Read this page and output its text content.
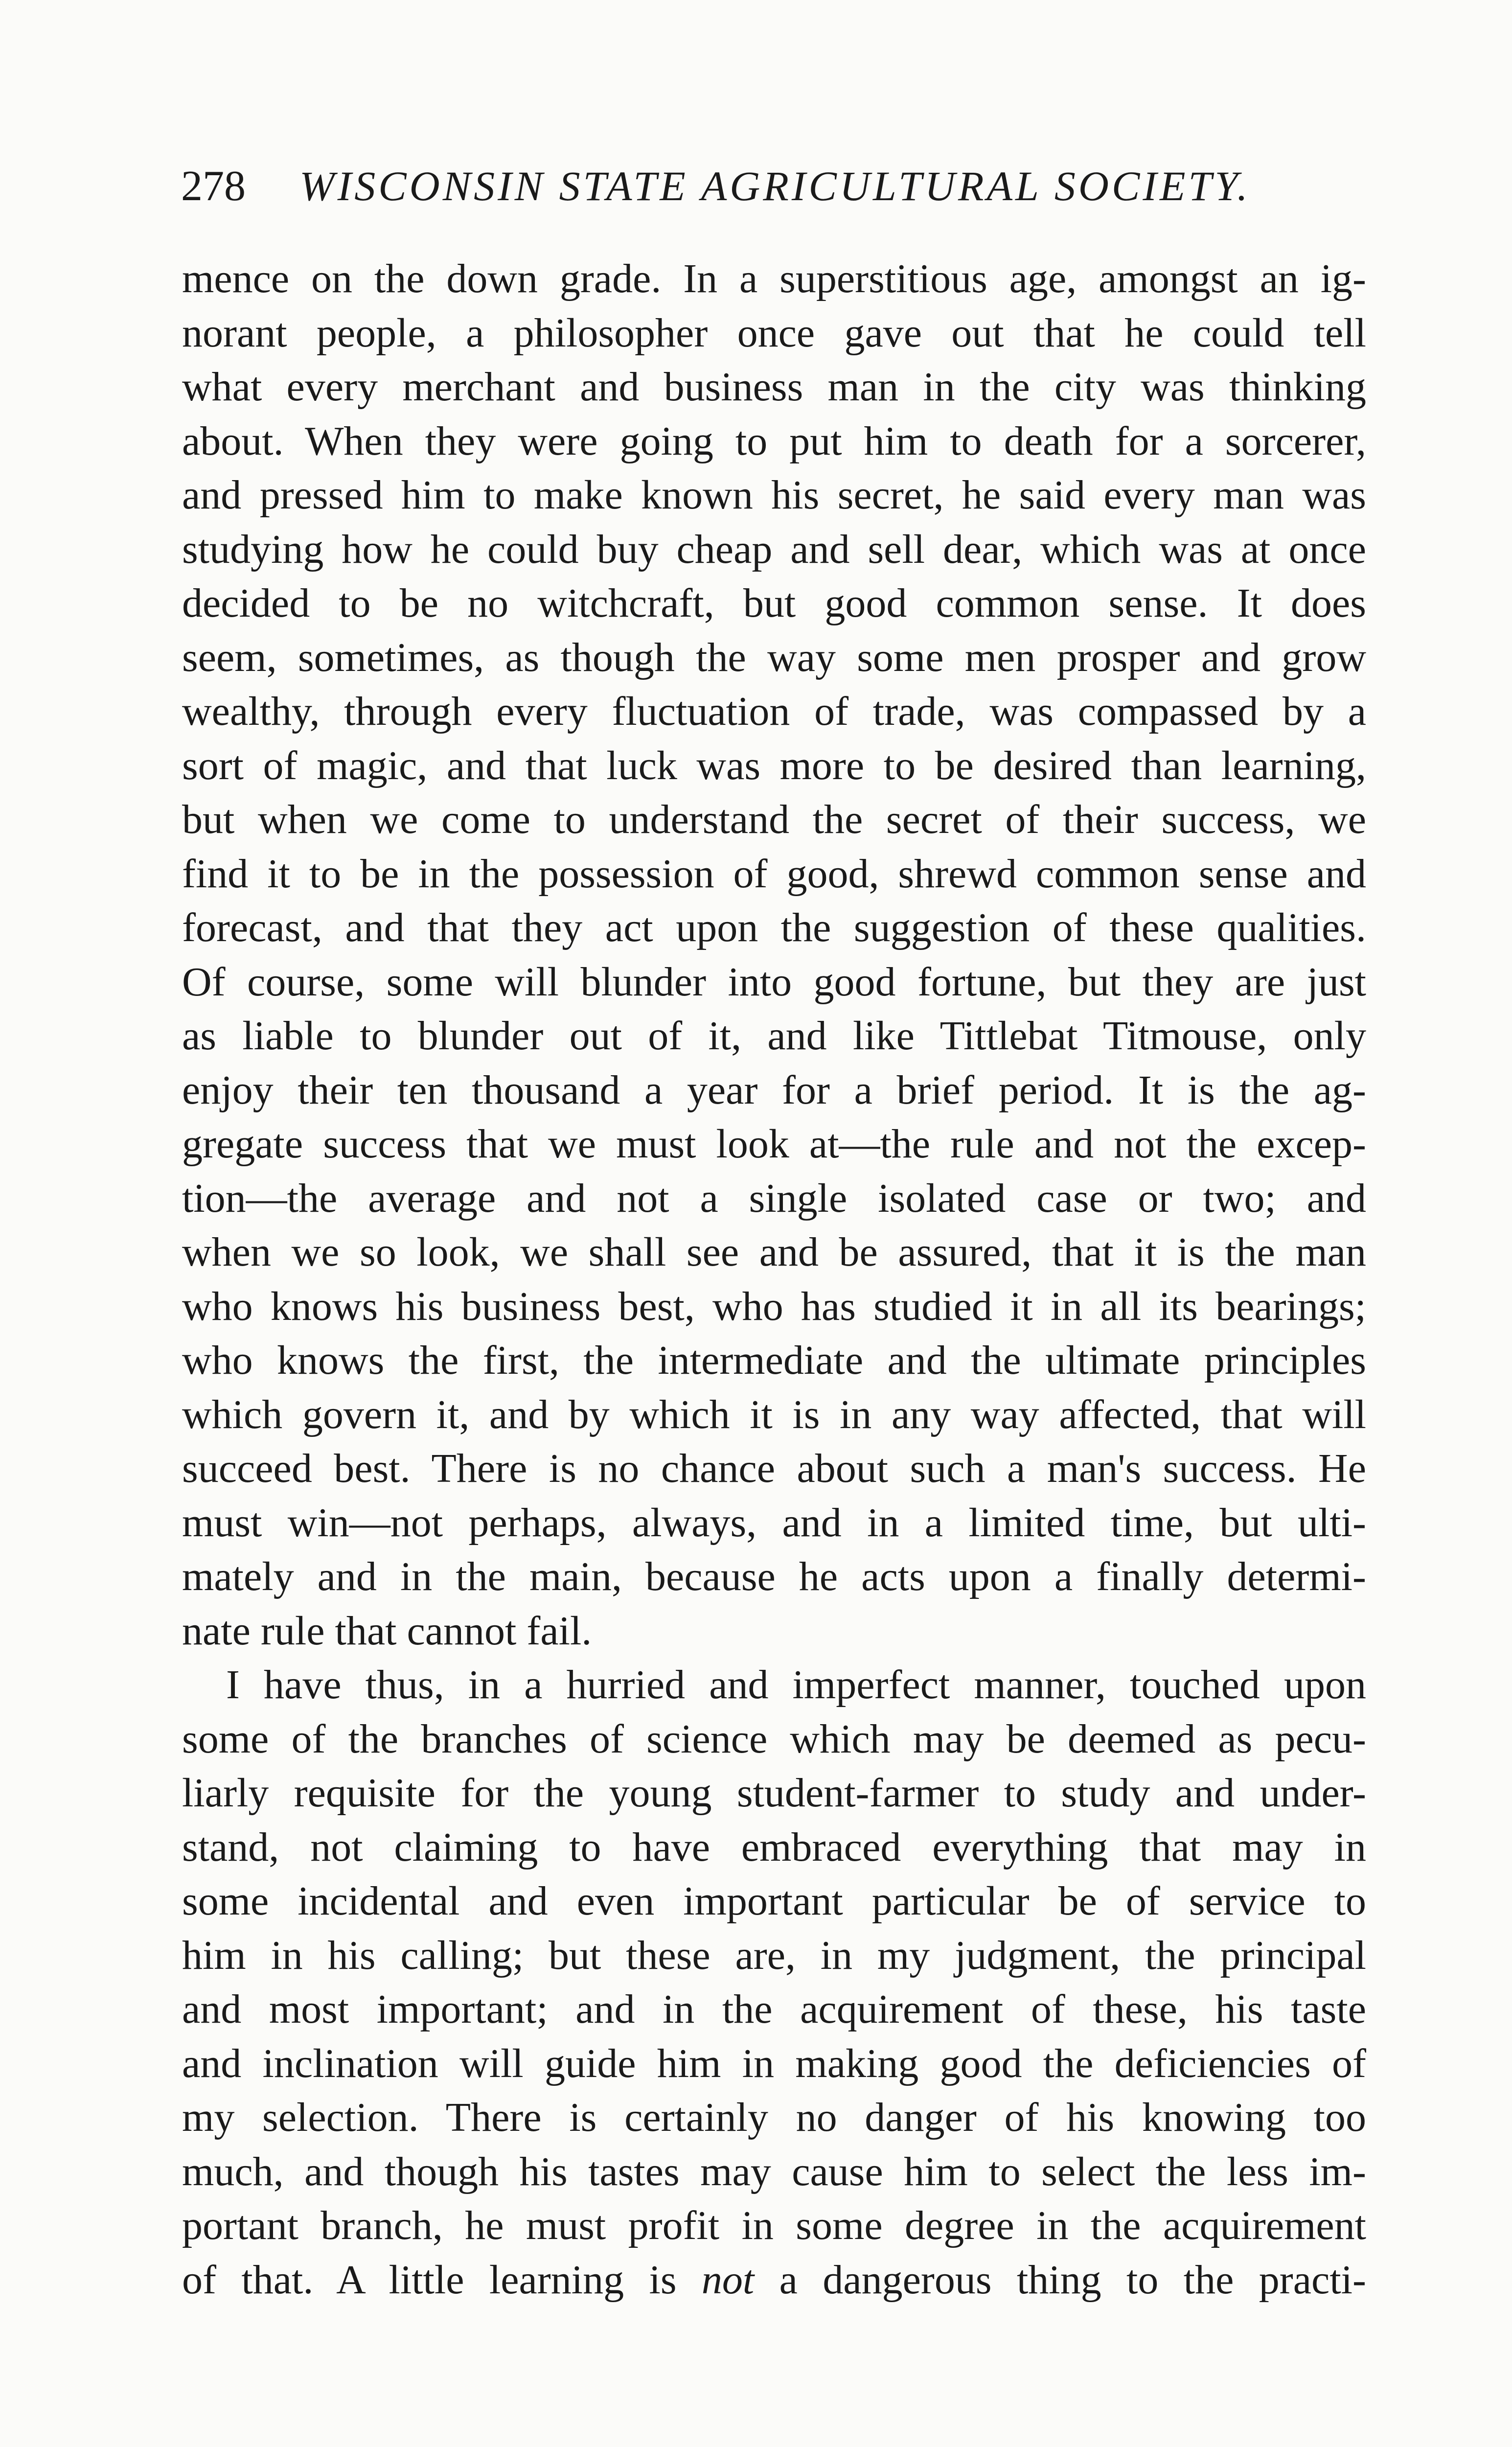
278 WISCONSIN STATE AGRICULTURAL SOCIETY.
mence on the down grade. In a superstitious age, amongst an ig-
norant people, a philosopher once gave out that he could tell
what every merchant and business man in the city was thinking
about. When they were going to put him to death for a sorcerer,
and pressed him to make known his secret, he said every man was
studying how he could buy cheap and sell dear, which was at once
decided to be no witchcraft, but good common sense. It does
seem, sometimes, as though the way some men prosper and grow
wealthy, through every fluctuation of trade, was compassed by a
sort of magic, and that luck was more to be desired than learning,
but when we come to understand the secret of their success, we
find it to be in the possession of good, shrewd common sense and
forecast, and that they act upon the suggestion of these qualities.
Of course, some will blunder into good fortune, but they are just
as liable to blunder out of it, and like Tittlebat Titmouse, only
enjoy their ten thousand a year for a brief period. It is the ag-
gregate success that we must look at—the rule and not the excep-
tion—the average and not a single isolated case or two; and
when we so look, we shall see and be assured, that it is the man
who knows his business best, who has studied it in all its bearings;
who knows the first, the intermediate and the ultimate principles
which govern it, and by which it is in any way affected, that will
succeed best. There is no chance about such a man's success. He
must win—not perhaps, always, and in a limited time, but ulti-
mately and in the main, because he acts upon a finally determi-
nate rule that cannot fail.
I have thus, in a hurried and imperfect manner, touched upon
some of the branches of science which may be deemed as pecu-
liarly requisite for the young student-farmer to study and under-
stand, not claiming to have embraced everything that may in
some incidental and even important particular be of service to
him in his calling; but these are, in my judgment, the principal
and most important; and in the acquirement of these, his taste
and inclination will guide him in making good the deficiencies of
my selection. There is certainly no danger of his knowing too
much, and though his tastes may cause him to select the less im-
portant branch, he must profit in some degree in the acquirement
of that. A little learning is not a dangerous thing to the practi-
